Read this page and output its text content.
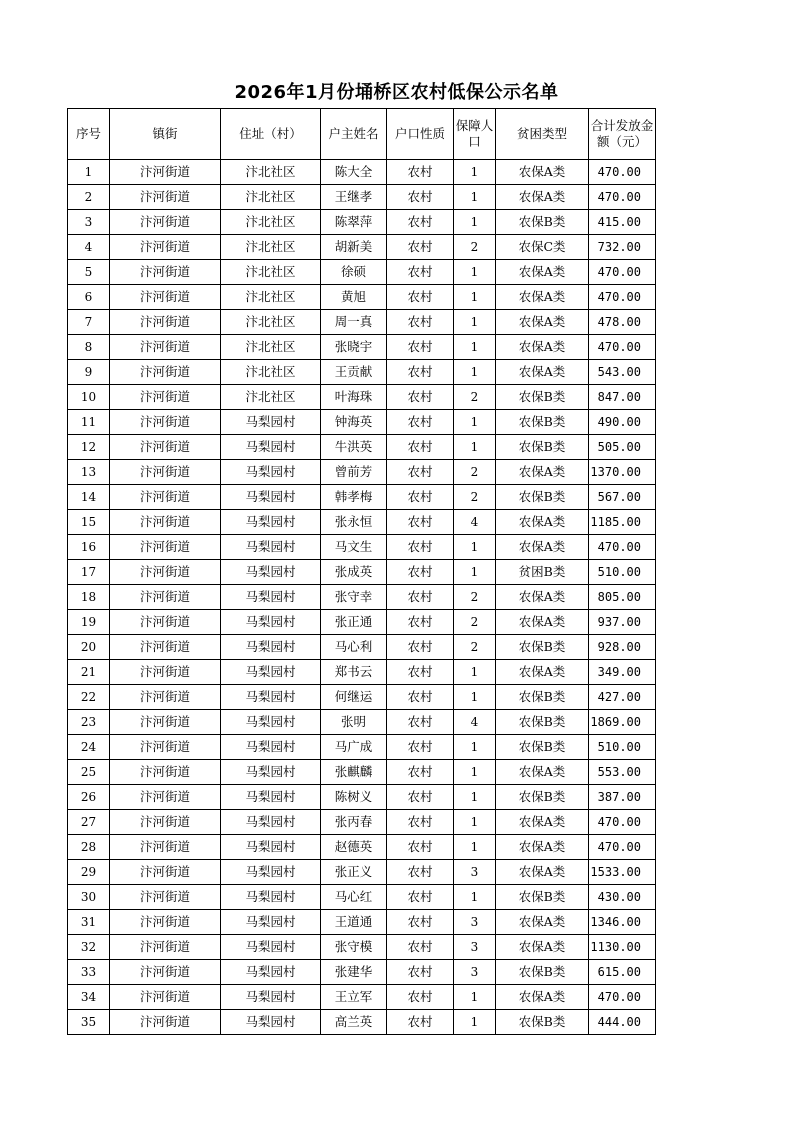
2026年1月份埇桥区农村低保公示名单
序号	镇街	住址（村）	户主姓名	户口性质	保障人口	贫困类型	合计发放金额（元）
1	汴河街道	汴北社区	陈大全	农村	1	农保A类	470.00
2	汴河街道	汴北社区	王继孝	农村	1	农保A类	470.00
3	汴河街道	汴北社区	陈翠萍	农村	1	农保B类	415.00
4	汴河街道	汴北社区	胡新美	农村	2	农保C类	732.00
5	汴河街道	汴北社区	徐硕	农村	1	农保A类	470.00
6	汴河街道	汴北社区	黄旭	农村	1	农保A类	470.00
7	汴河街道	汴北社区	周一真	农村	1	农保A类	478.00
8	汴河街道	汴北社区	张晓宇	农村	1	农保A类	470.00
9	汴河街道	汴北社区	王贡献	农村	1	农保A类	543.00
10	汴河街道	汴北社区	叶海珠	农村	2	农保B类	847.00
11	汴河街道	马梨园村	钟海英	农村	1	农保B类	490.00
12	汴河街道	马梨园村	牛洪英	农村	1	农保B类	505.00
13	汴河街道	马梨园村	曾前芳	农村	2	农保A类	1370.00
14	汴河街道	马梨园村	韩孝梅	农村	2	农保B类	567.00
15	汴河街道	马梨园村	张永恒	农村	4	农保A类	1185.00
16	汴河街道	马梨园村	马文生	农村	1	农保A类	470.00
17	汴河街道	马梨园村	张成英	农村	1	贫困B类	510.00
18	汴河街道	马梨园村	张守幸	农村	2	农保A类	805.00
19	汴河街道	马梨园村	张正通	农村	2	农保A类	937.00
20	汴河街道	马梨园村	马心利	农村	2	农保B类	928.00
21	汴河街道	马梨园村	郑书云	农村	1	农保A类	349.00
22	汴河街道	马梨园村	何继运	农村	1	农保B类	427.00
23	汴河街道	马梨园村	张明	农村	4	农保B类	1869.00
24	汴河街道	马梨园村	马广成	农村	1	农保B类	510.00
25	汴河街道	马梨园村	张麒麟	农村	1	农保A类	553.00
26	汴河街道	马梨园村	陈树义	农村	1	农保B类	387.00
27	汴河街道	马梨园村	张丙春	农村	1	农保A类	470.00
28	汴河街道	马梨园村	赵德英	农村	1	农保A类	470.00
29	汴河街道	马梨园村	张正义	农村	3	农保A类	1533.00
30	汴河街道	马梨园村	马心红	农村	1	农保B类	430.00
31	汴河街道	马梨园村	王道通	农村	3	农保A类	1346.00
32	汴河街道	马梨园村	张守模	农村	3	农保A类	1130.00
33	汴河街道	马梨园村	张建华	农村	3	农保B类	615.00
34	汴河街道	马梨园村	王立军	农村	1	农保A类	470.00
35	汴河街道	马梨园村	高兰英	农村	1	农保B类	444.00
